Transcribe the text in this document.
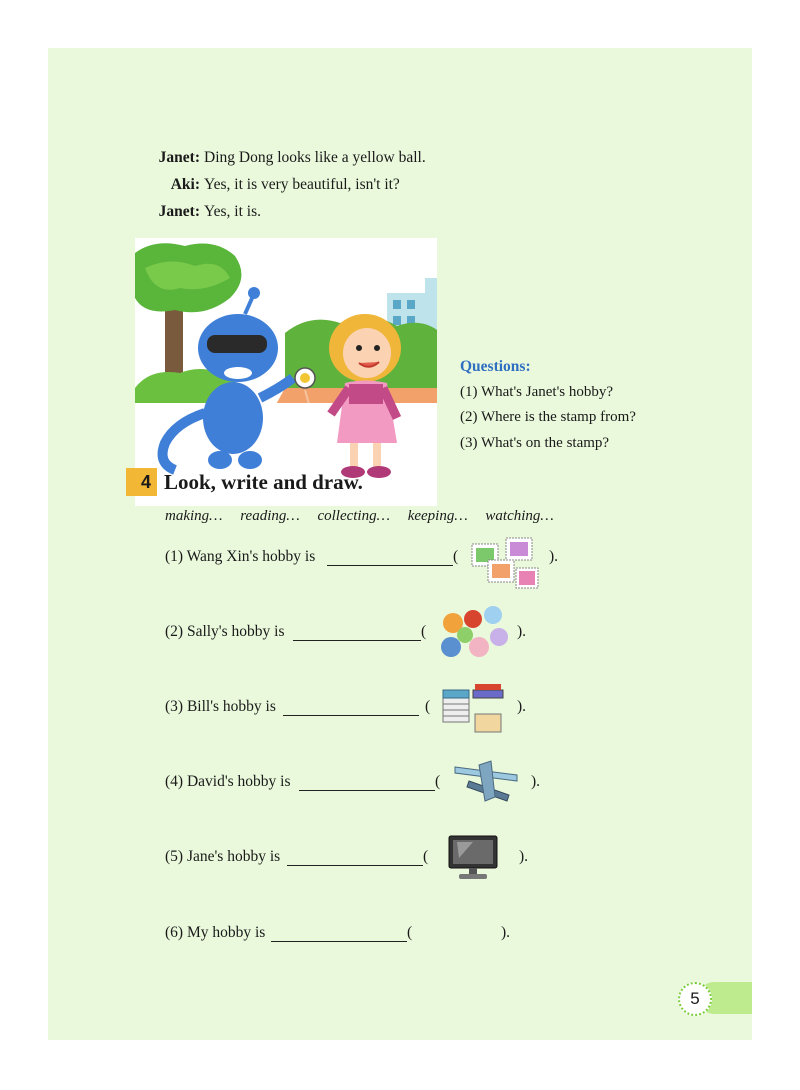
Janet: Ding Dong looks like a yellow ball.
Aki: Yes, it is very beautiful, isn't it?
Janet: Yes, it is.
Questions:
(1) What's Janet's hobby?
(2) Where is the stamp from?
(3) What's on the stamp?
4 Look, write and draw.
making… reading… collecting… keeping… watching…
(1) Wang Xin's hobby is	(	).
(2) Sally's hobby is	(	).
(3) Bill's hobby is	(	).
(4) David's hobby is	(	).
(5) Jane's hobby is	(	).
(6) My hobby is	(	).
5
